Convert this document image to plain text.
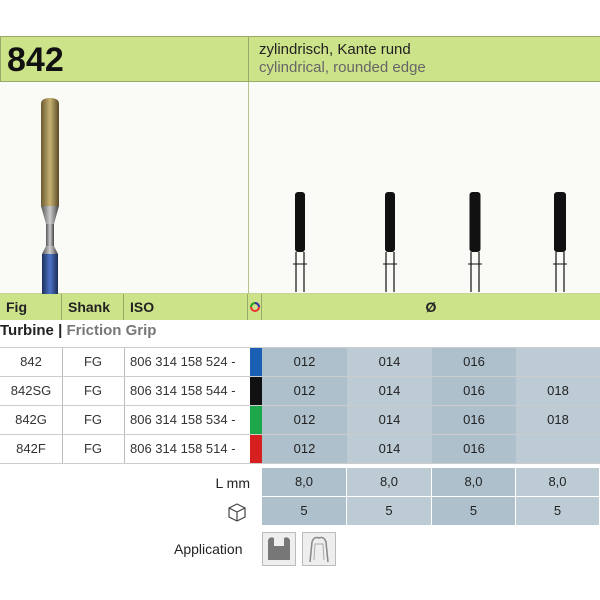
842	zylindrisch, Kante rund
cylindrical, rounded edge
Fig	Shank	ISO	Ø
Turbine | Friction Grip
842	FG	806 314 158 524 -	012	014	016
842SG	FG	806 314 158 544 -	012	014	016	018
842G	FG	806 314 158 534 -	012	014	016	018
842F	FG	806 314 158 514 -	012	014	016
L mm	8,0	8,0	8,0	8,0
5	5	5	5
Application
